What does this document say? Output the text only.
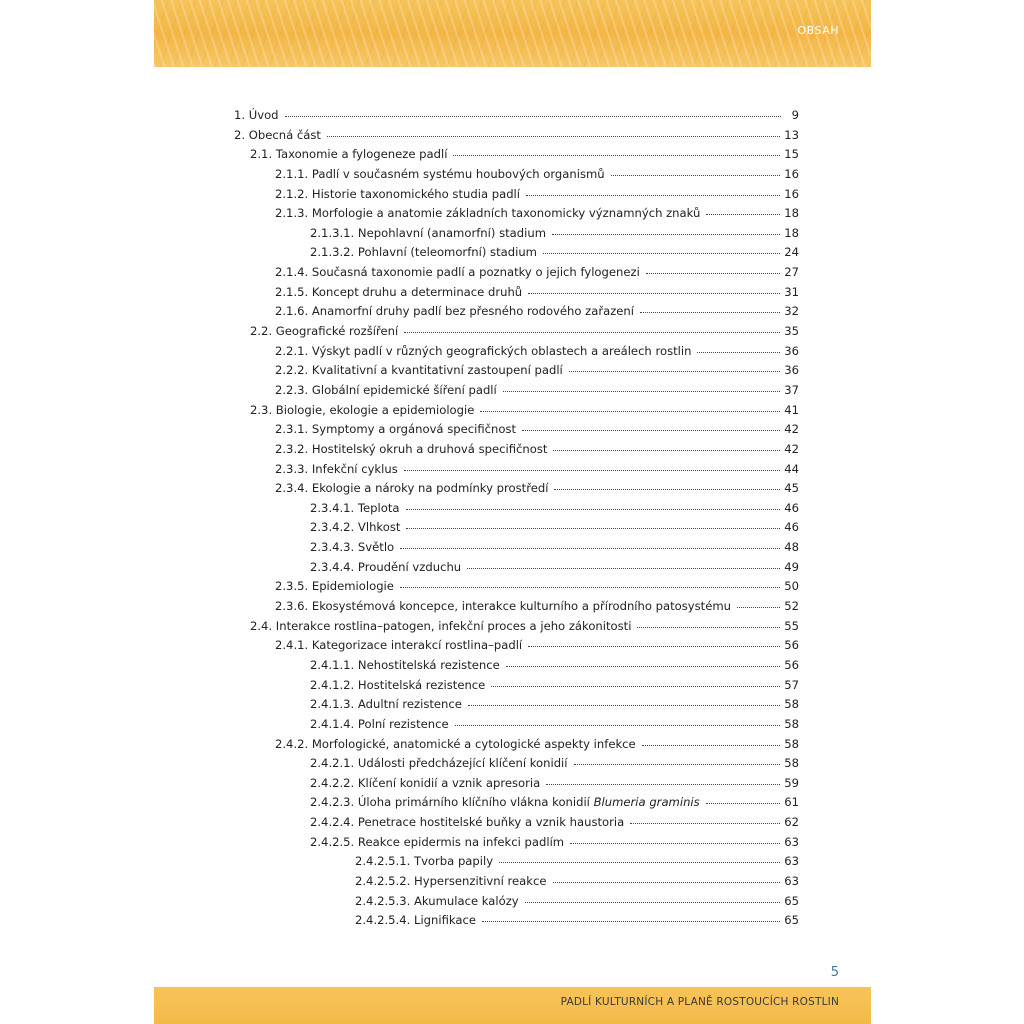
OBSAH
1. Úvod	9
2. Obecná část	13
2.1. Taxonomie a fylogeneze padlí	15
2.1.1. Padlí v současném systému houbových organismů	16
2.1.2. Historie taxonomického studia padlí	16
2.1.3. Morfologie a anatomie základních taxonomicky významných znaků	18
2.1.3.1. Nepohlavní (anamorfní) stadium	18
2.1.3.2. Pohlavní (teleomorfní) stadium	24
2.1.4. Současná taxonomie padlí a poznatky o jejich fylogenezi	27
2.1.5. Koncept druhu a determinace druhů	31
2.1.6. Anamorfní druhy padlí bez přesného rodového zařazení	32
2.2. Geografické rozšíření	35
2.2.1. Výskyt padlí v různých geografických oblastech a areálech rostlin	36
2.2.2. Kvalitativní a kvantitativní zastoupení padlí	36
2.2.3. Globální epidemické šíření padlí	37
2.3. Biologie, ekologie a epidemiologie	41
2.3.1. Symptomy a orgánová specifičnost	42
2.3.2. Hostitelský okruh a druhová specifičnost	42
2.3.3. Infekční cyklus	44
2.3.4. Ekologie a nároky na podmínky prostředí	45
2.3.4.1. Teplota	46
2.3.4.2. Vlhkost	46
2.3.4.3. Světlo	48
2.3.4.4. Proudění vzduchu	49
2.3.5. Epidemiologie	50
2.3.6. Ekosystémová koncepce, interakce kulturního a přírodního patosystému	52
2.4. Interakce rostlina–patogen, infekční proces a jeho zákonitosti	55
2.4.1. Kategorizace interakcí rostlina–padlí	56
2.4.1.1. Nehostitelská rezistence	56
2.4.1.2. Hostitelská rezistence	57
2.4.1.3. Adultní rezistence	58
2.4.1.4. Polní rezistence	58
2.4.2. Morfologické, anatomické a cytologické aspekty infekce	58
2.4.2.1. Události předcházející klíčení konidií	58
2.4.2.2. Klíčení konidií a vznik apresoria	59
2.4.2.3. Úloha primárního klíčního vlákna konidií Blumeria graminis	61
2.4.2.4. Penetrace hostitelské buňky a vznik haustoria	62
2.4.2.5. Reakce epidermis na infekci padlím	63
2.4.2.5.1. Tvorba papily	63
2.4.2.5.2. Hypersenzitivní reakce	63
2.4.2.5.3. Akumulace kalózy	65
2.4.2.5.4. Lignifikace	65
5
PADLÍ KULTURNÍCH A PLANĚ ROSTOUCÍCH ROSTLIN
